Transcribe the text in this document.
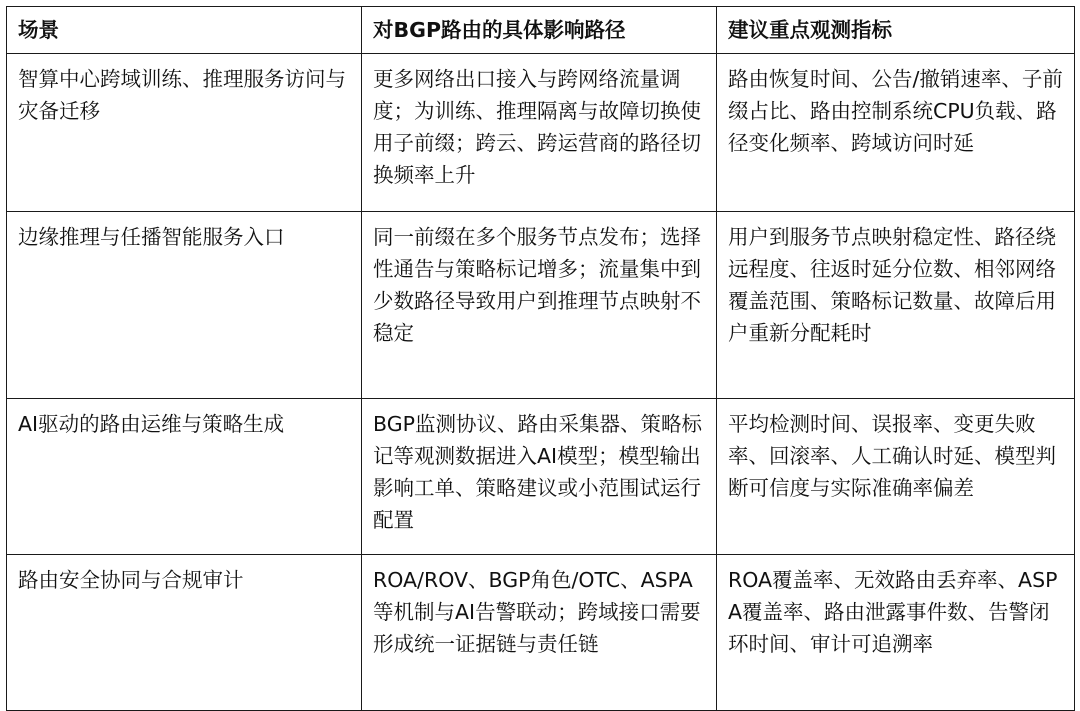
场景	对BGP路由的具体影响路径	建议重点观测指标
智算中心跨域训练、推理服务访问与灾备迁移	更多网络出口接入与跨网络流量调度；为训练、推理隔离与故障切换使用子前缀；跨云、跨运营商的路径切换频率上升	路由恢复时间、公告/撤销速率、子前缀占比、路由控制系统CPU负载、路径变化频率、跨域访问时延
边缘推理与任播智能服务入口	同一前缀在多个服务节点发布；选择性通告与策略标记增多；流量集中到少数路径导致用户到推理节点映射不稳定	用户到服务节点映射稳定性、路径绕远程度、往返时延分位数、相邻网络覆盖范围、策略标记数量、故障后用户重新分配耗时
AI驱动的路由运维与策略生成	BGP监测协议、路由采集器、策略标记等观测数据进入AI模型；模型输出影响工单、策略建议或小范围试运行配置	平均检测时间、误报率、变更失败率、回滚率、人工确认时延、模型判断可信度与实际准确率偏差
路由安全协同与合规审计	ROA/ROV、BGP角色/OTC、ASPA等机制与AI告警联动；跨域接口需要形成统一证据链与责任链	ROA覆盖率、无效路由丢弃率、ASPA覆盖率、路由泄露事件数、告警闭环时间、审计可追溯率
